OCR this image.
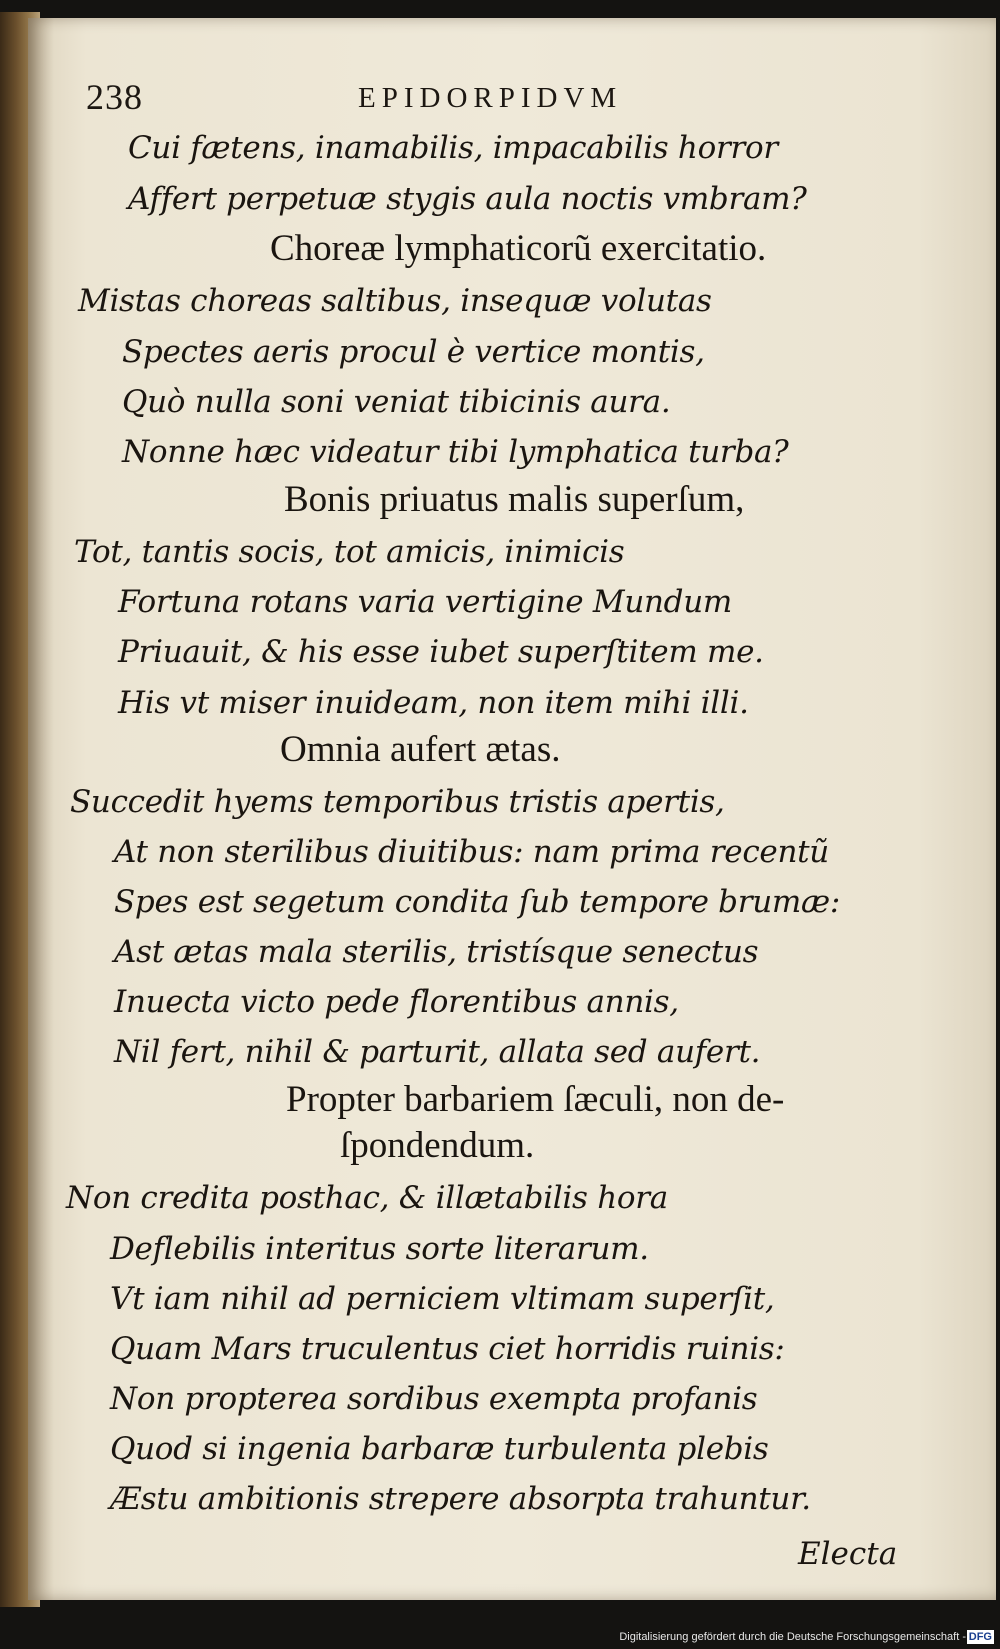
238	EPIDORPIDVM
Cui fætens, inamabilis, impacabilis horror
Affert perpetuæ stygis aula noctis vmbram?
Choreæ lymphaticorũ exercitatio.
Mistas choreas saltibus, insequæ volutas
Spectes aeris procul è vertice montis,
Quò nulla soni veniat tibicinis aura.
Nonne hæc videatur tibi lymphatica turba?
Bonis priuatus malis superſum,
Tot, tantis socis, tot amicis, inimicis
Fortuna rotans varia vertigine Mundum
Priuauit, & his esse iubet superſtitem me.
His vt miser inuideam, non item mihi illi.
Omnia aufert ætas.
Succedit hyems temporibus tristis apertis,
At non sterilibus diuitibus: nam prima recentũ
Spes est segetum condita ſub tempore brumæ:
Ast ætas mala sterilis, tristísque senectus
Inuecta victo pede florentibus annis,
Nil fert, nihil & parturit, allata sed aufert.
Propter barbariem ſæculi, non de-
ſpondendum.
Non credita posthac, & illætabilis hora
Deflebilis interitus sorte literarum.
Vt iam nihil ad perniciem vltimam superſit,
Quam Mars truculentus ciet horridis ruinis:
Non propterea sordibus exempta profanis
Quod si ingenia barbaræ turbulenta plebis
Æstu ambitionis strepere absorpta trahuntur.
Electa
Digitalisierung gefördert durch die Deutsche Forschungsgemeinschaft - DFG
